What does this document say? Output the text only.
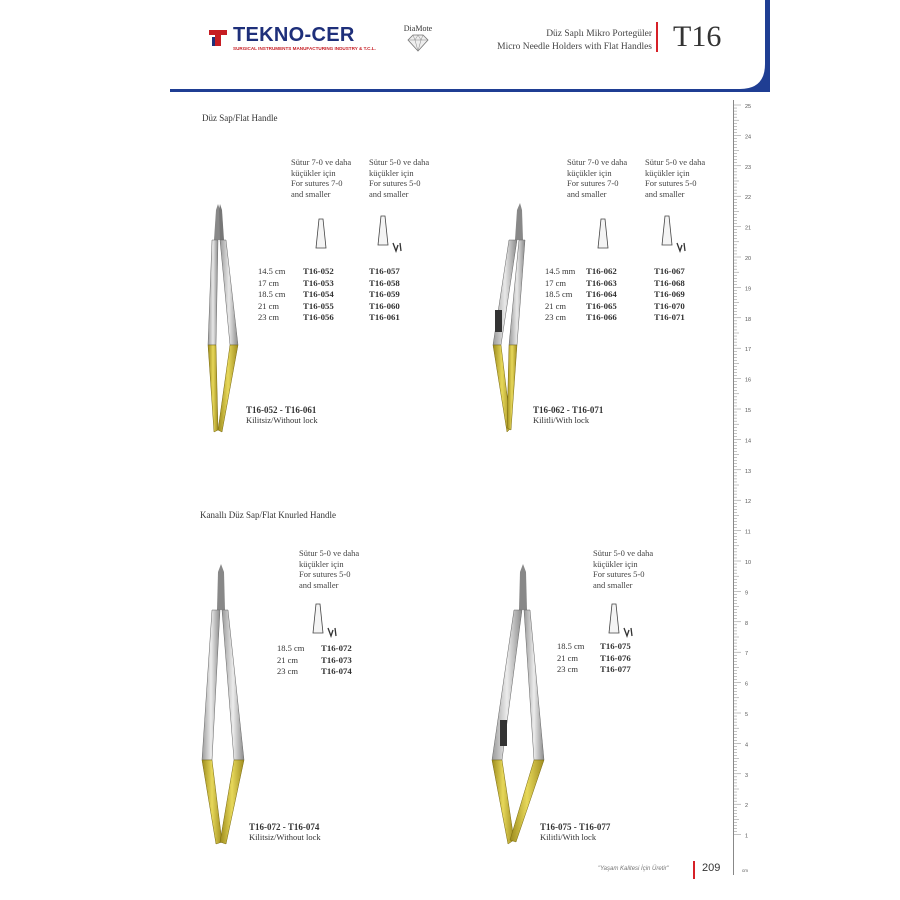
TEKNO-CER
SURGICAL INSTRUMENTS MANUFACTURING INDUSTRY & T.C.L.
DiaMote
Düz Saplı Mikro Portegüler
Micro Needle Holders with Flat Handles T16
25
24
23
22
21
20
19
18
17
16
15
14
13
12
11
10
9
8
7
6
5
4
3
2
1
cm
Düz Sap/Flat Handle
Sütur 7-0 ve daha
küçükler için
For sutures 7-0
and smaller
Sütur 5-0 ve daha
küçükler için
For sutures 5-0
and smaller
14.5 cm
17 cm
18.5 cm
21 cm
23 cm
T16-052
T16-053
T16-054
T16-055
T16-056
T16-057
T16-058
T16-059
T16-060
T16-061
T16-052 - T16-061
Kilitsiz/Without lock
Sütur 7-0 ve daha
küçükler için
For sutures 7-0
and smaller
Sütur 5-0 ve daha
küçükler için
For sutures 5-0
and smaller
14.5 mm
17 cm
18.5 cm
21 cm
23 cm
T16-062
T16-063
T16-064
T16-065
T16-066
T16-067
T16-068
T16-069
T16-070
T16-071
T16-062 - T16-071
Kilitli/With lock
Kanallı Düz Sap/Flat Knurled Handle
Sütur 5-0 ve daha
küçükler için
For sutures 5-0
and smaller
18.5 cm
21 cm
23 cm
T16-072
T16-073
T16-074
T16-072 - T16-074
Kilitsiz/Without lock
Sütur 5-0 ve daha
küçükler için
For sutures 5-0
and smaller
18.5 cm
21 cm
23 cm
T16-075
T16-076
T16-077
T16-075 - T16-077
Kilitli/With lock
"Yaşam Kalitesi İçin Üretir"	209
